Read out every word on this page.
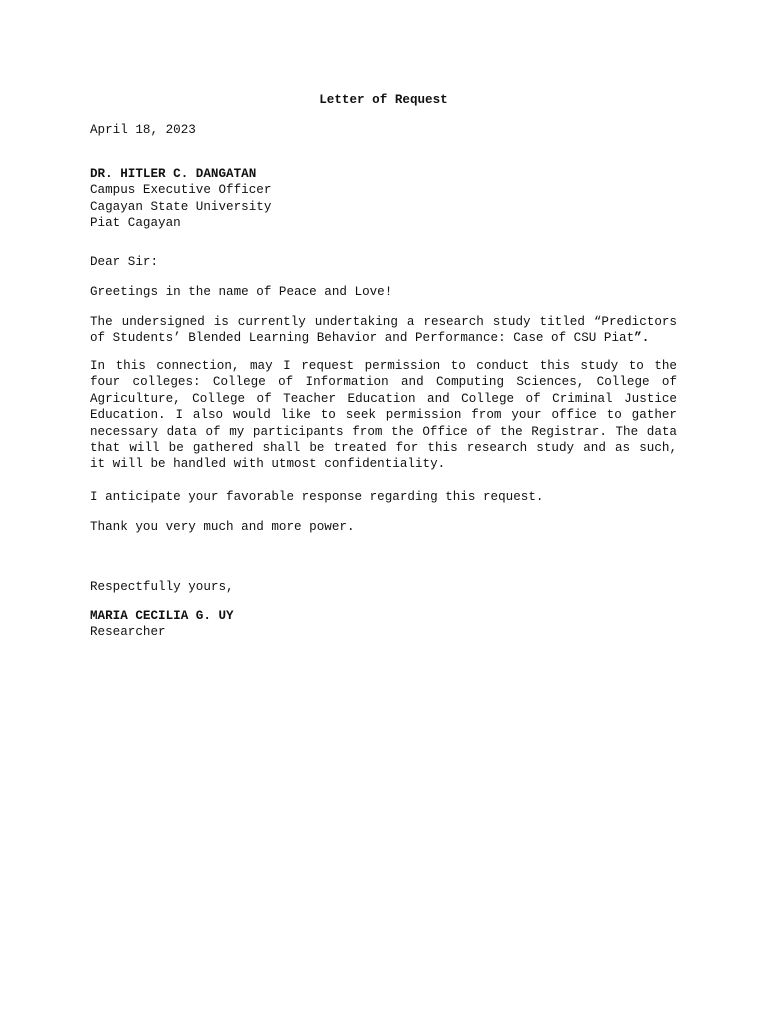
Letter of Request
April 18, 2023
DR. HITLER C. DANGATAN
Campus Executive Officer
Cagayan State University
Piat Cagayan
Dear Sir:
Greetings in the name of Peace and Love!
The undersigned is currently undertaking a research study titled “Predictors of Students’ Blended Learning Behavior and Performance: Case of CSU Piat”.
In this connection, may I request permission to conduct this study to the four colleges: College of Information and Computing Sciences, College of Agriculture, College of Teacher Education and College of Criminal Justice Education. I also would like to seek permission from your office to gather necessary data of my participants from the Office of the Registrar. The data that will be gathered shall be treated for this research study and as such, it will be handled with utmost confidentiality.
I anticipate your favorable response regarding this request.
Thank you very much and more power.
Respectfully yours,
MARIA CECILIA G. UY
Researcher
